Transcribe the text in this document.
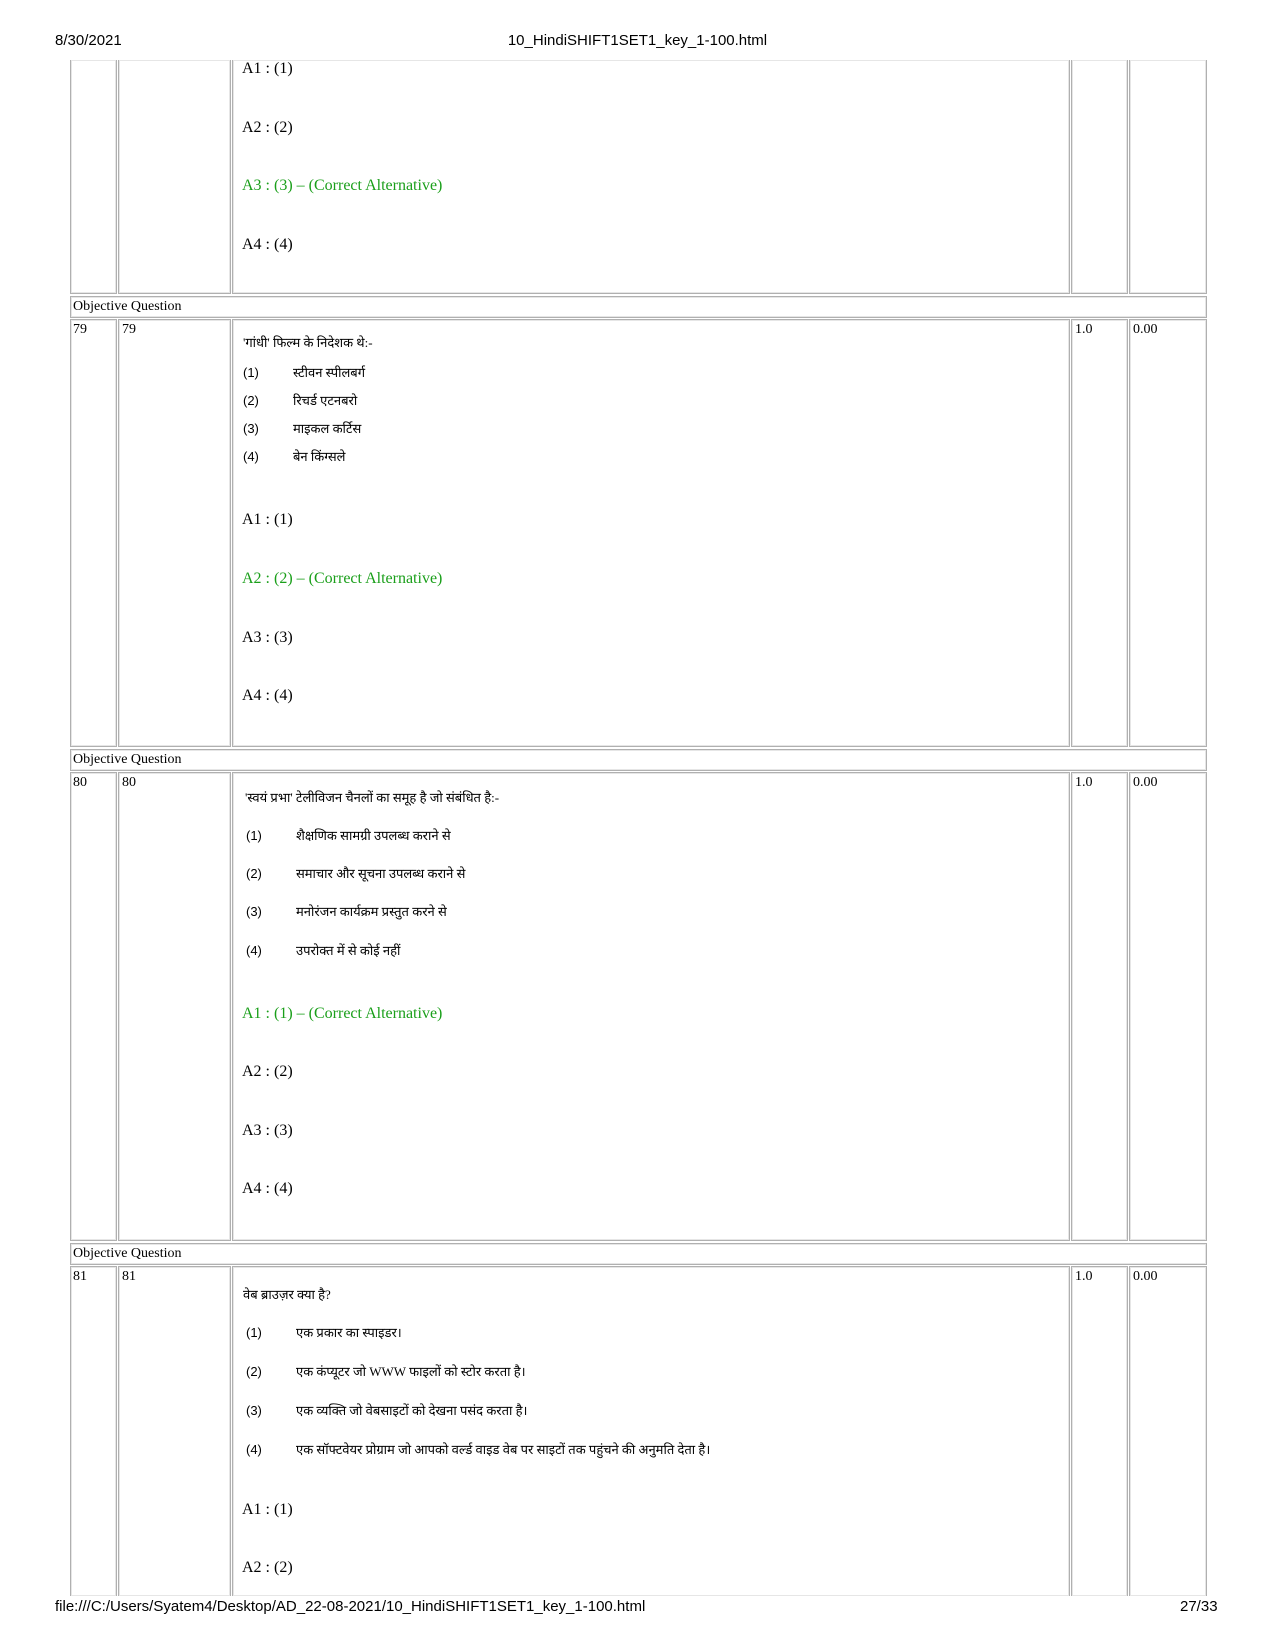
8/30/2021	10_HindiSHIFT1SET1_key_1-100.html
file:///C:/Users/Syatem4/Desktop/AD_22-08-2021/10_HindiSHIFT1SET1_key_1-100.html	27/33
A1 : (1)
A2 : (2)
A3 : (3) – (Correct Alternative)
A4 : (4)
Objective Question
79	79	1.0	0.00
'गांधी' फिल्म के निदेशक थे:-
(1)	स्टीवन स्पीलबर्ग
(2)	रिचर्ड एटनबरो
(3)	माइकल कर्टिस
(4)	बेन किंग्सले
A1 : (1)
A2 : (2) – (Correct Alternative)
A3 : (3)
A4 : (4)
Objective Question
80	80	1.0	0.00
'स्वयं प्रभा' टेलीविजन चैनलों का समूह है जो संबंधित है:-
(1)	शैक्षणिक सामग्री उपलब्ध कराने से
(2)	समाचार और सूचना उपलब्ध कराने से
(3)	मनोरंजन कार्यक्रम प्रस्तुत करने से
(4)	उपरोक्त में से कोई नहीं
A1 : (1) – (Correct Alternative)
A2 : (2)
A3 : (3)
A4 : (4)
Objective Question
81	81	1.0	0.00
वेब ब्राउज़र क्या है?
(1)	एक प्रकार का स्पाइडर।
(2)	एक कंप्यूटर जो WWW फाइलों को स्टोर करता है।
(3)	एक व्यक्ति जो वेबसाइटों को देखना पसंद करता है।
(4)	एक सॉफ्टवेयर प्रोग्राम जो आपको वर्ल्ड वाइड वेब पर साइटों तक पहुंचने की अनुमति देता है।
A1 : (1)
A2 : (2)
